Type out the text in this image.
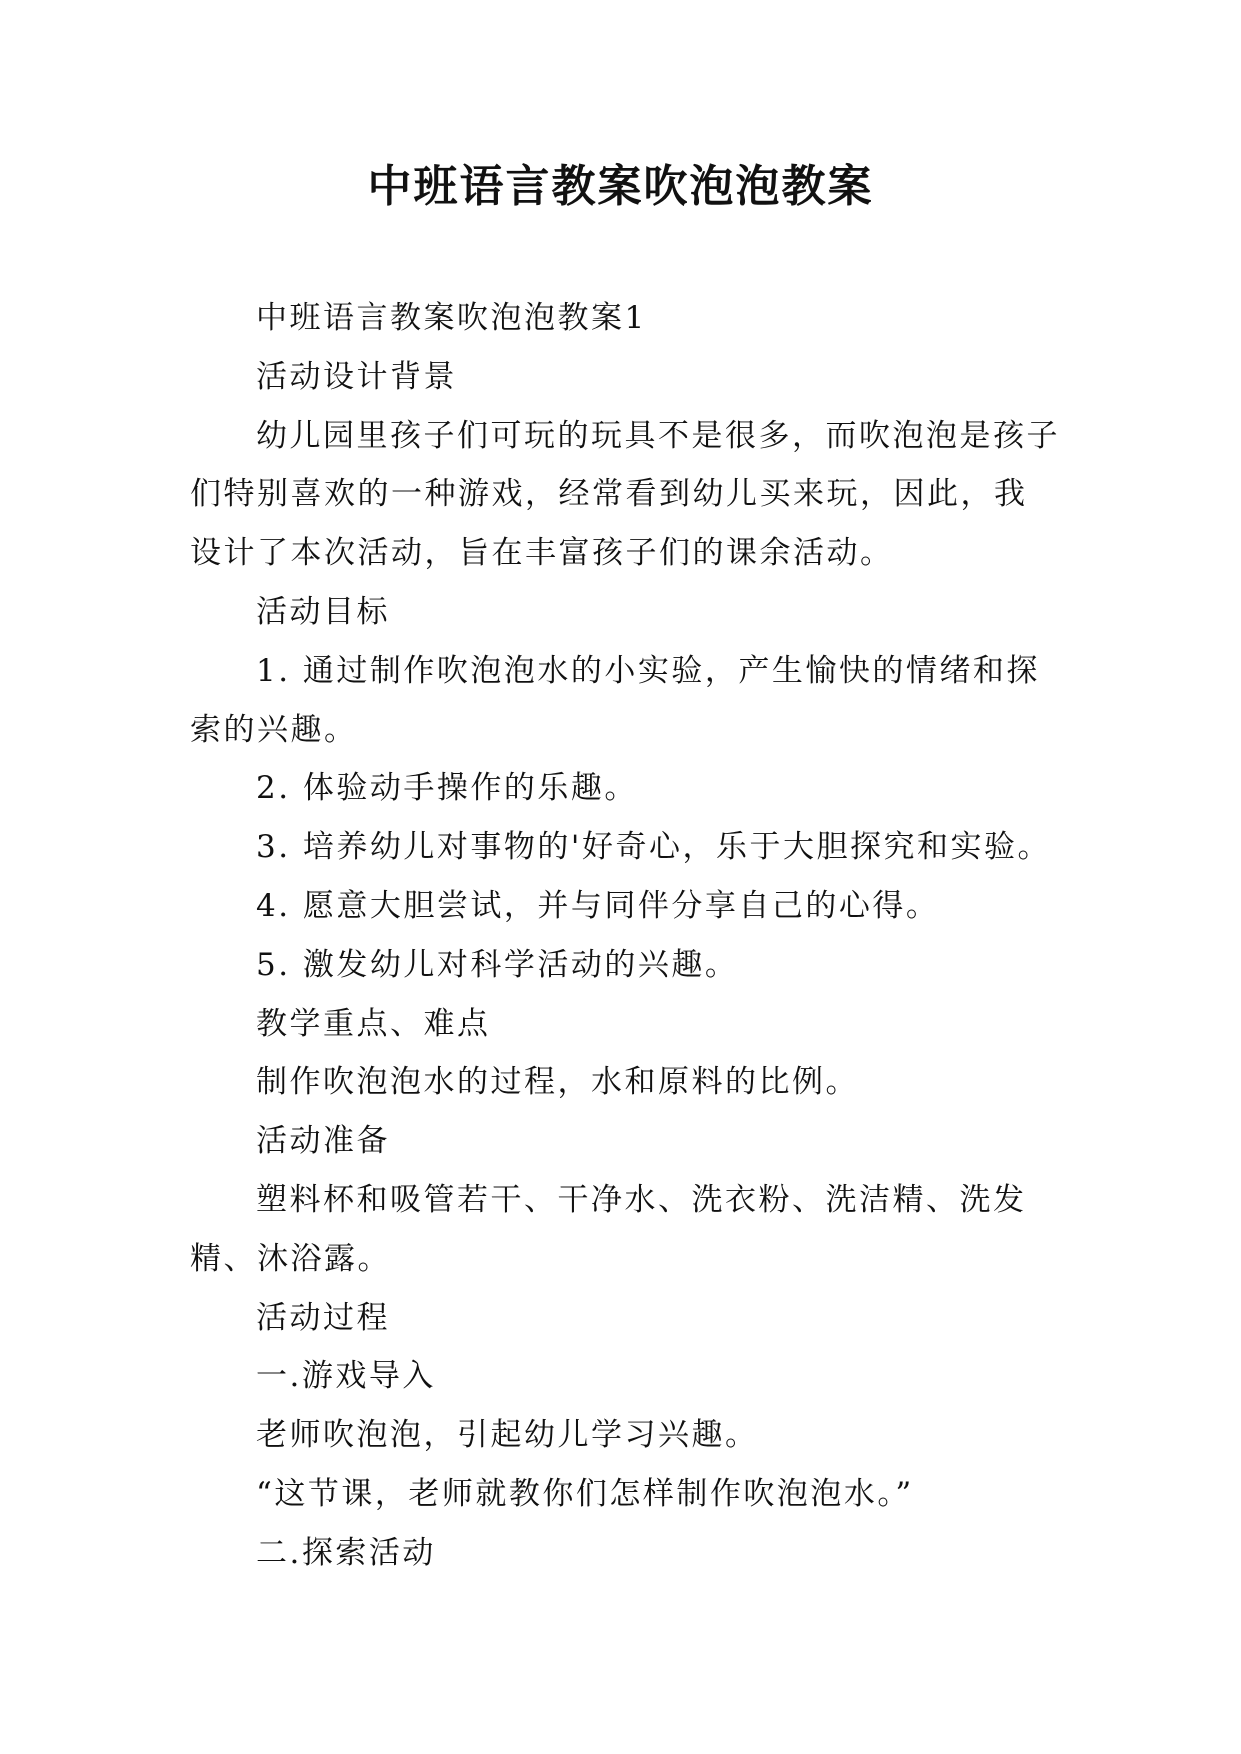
中班语言教案吹泡泡教案

中班语言教案吹泡泡教案1

活动设计背景

幼儿园里孩子们可玩的玩具不是很多，而吹泡泡是孩子们特别喜欢的一种游戏，经常看到幼儿买来玩，因此，我设计了本次活动，旨在丰富孩子们的课余活动。

活动目标

1. 通过制作吹泡泡水的小实验，产生愉快的情绪和探索的兴趣。

2. 体验动手操作的乐趣。

3. 培养幼儿对事物的'好奇心，乐于大胆探究和实验。

4. 愿意大胆尝试，并与同伴分享自己的心得。

5. 激发幼儿对科学活动的兴趣。

教学重点、难点

制作吹泡泡水的过程，水和原料的比例。

活动准备

塑料杯和吸管若干、干净水、洗衣粉、洗洁精、洗发精、沐浴露。

活动过程

一.游戏导入

老师吹泡泡，引起幼儿学习兴趣。

“这节课，老师就教你们怎样制作吹泡泡水。”

二.探索活动
